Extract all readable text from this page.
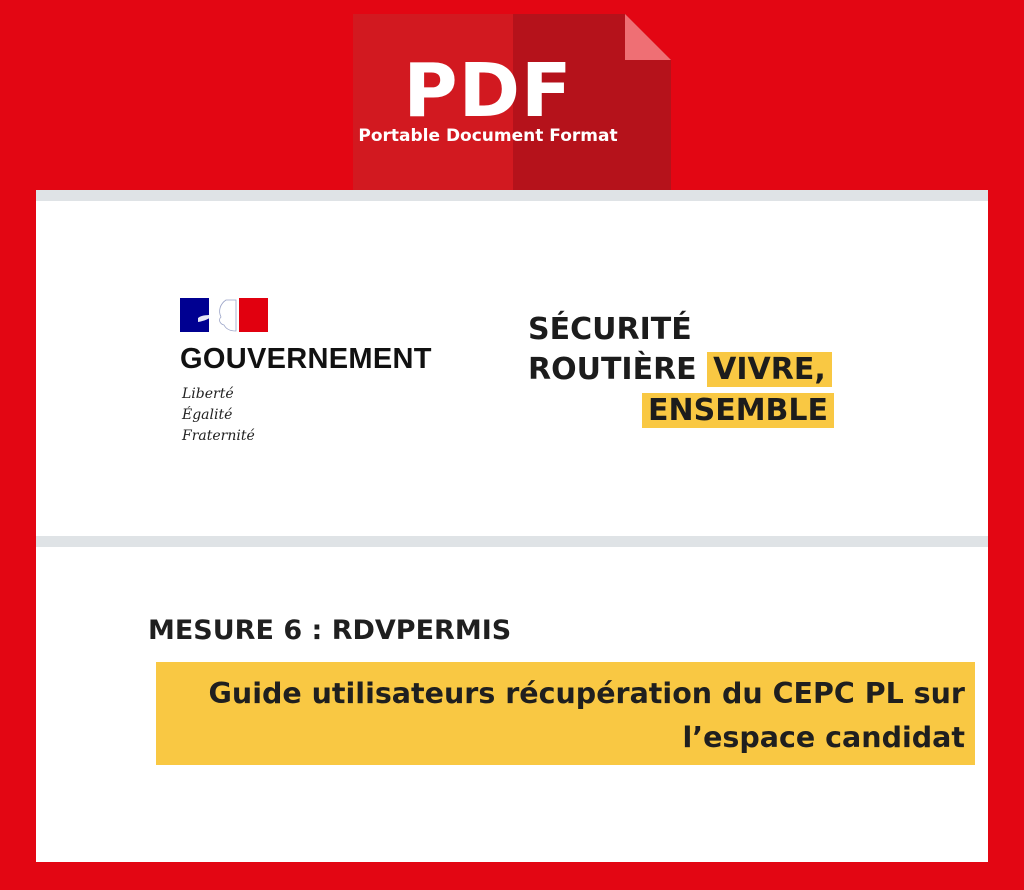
PDF
Portable Document Format
GOUVERNEMENT
Liberté
Égalité
Fraternité
SÉCURITÉ
ROUTIÈRE VIVRE,
ENSEMBLE
MESURE 6 : RDVPERMIS
Guide utilisateurs récupération du CEPC PL sur
l’espace candidat
